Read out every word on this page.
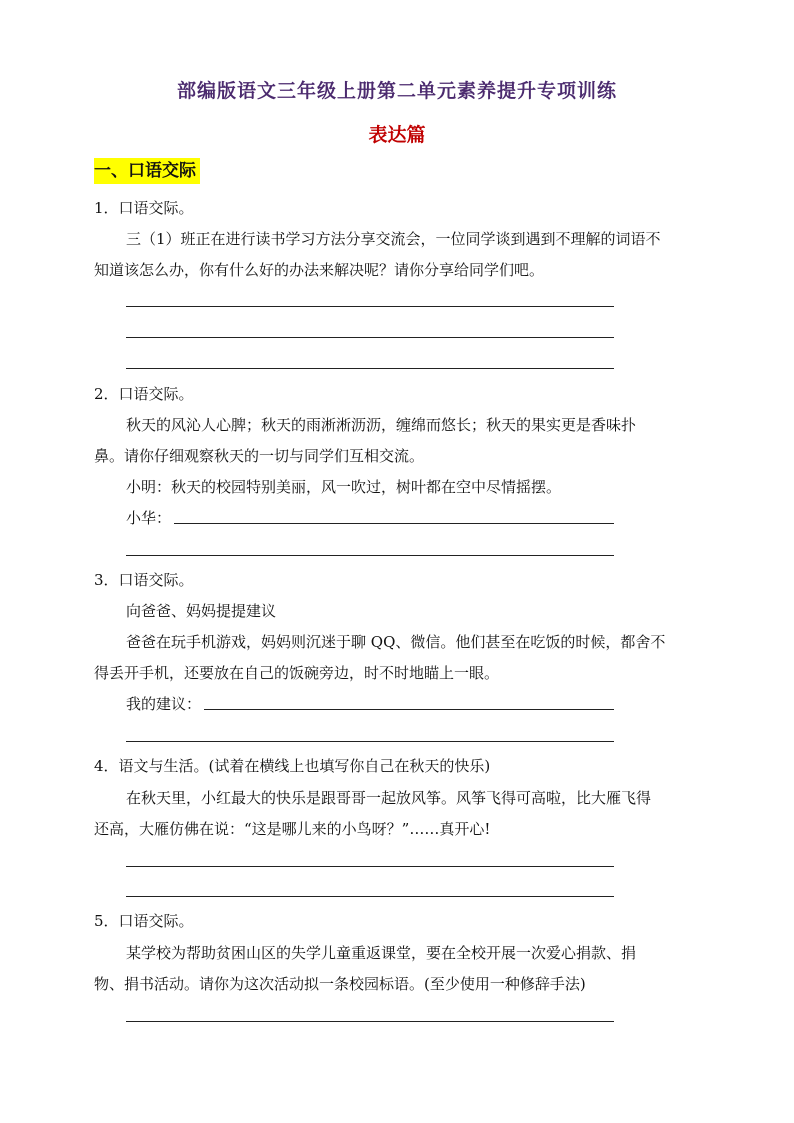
部编版语文三年级上册第二单元素养提升专项训练
表达篇
一、口语交际
1．口语交际。
三（1）班正在进行读书学习方法分享交流会，一位同学谈到遇到不理解的词语不
知道该怎么办，你有什么好的办法来解决呢？请你分享给同学们吧。
2．口语交际。
秋天的风沁人心脾；秋天的雨淅淅沥沥，缠绵而悠长；秋天的果实更是香味扑
鼻。请你仔细观察秋天的一切与同学们互相交流。
小明：秋天的校园特别美丽，风一吹过，树叶都在空中尽情摇摆。
小华：
3．口语交际。
向爸爸、妈妈提提建议
爸爸在玩手机游戏，妈妈则沉迷于聊 QQ、微信。他们甚至在吃饭的时候，都舍不
得丢开手机，还要放在自己的饭碗旁边，时不时地瞄上一眼。
我的建议：
4．语文与生活。(试着在横线上也填写你自己在秋天的快乐)
在秋天里，小红最大的快乐是跟哥哥一起放风筝。风筝飞得可高啦，比大雁飞得
还高，大雁仿佛在说：“这是哪儿来的小鸟呀？”……真开心!
5．口语交际。
某学校为帮助贫困山区的失学儿童重返课堂，要在全校开展一次爱心捐款、捐
物、捐书活动。请你为这次活动拟一条校园标语。(至少使用一种修辞手法)
